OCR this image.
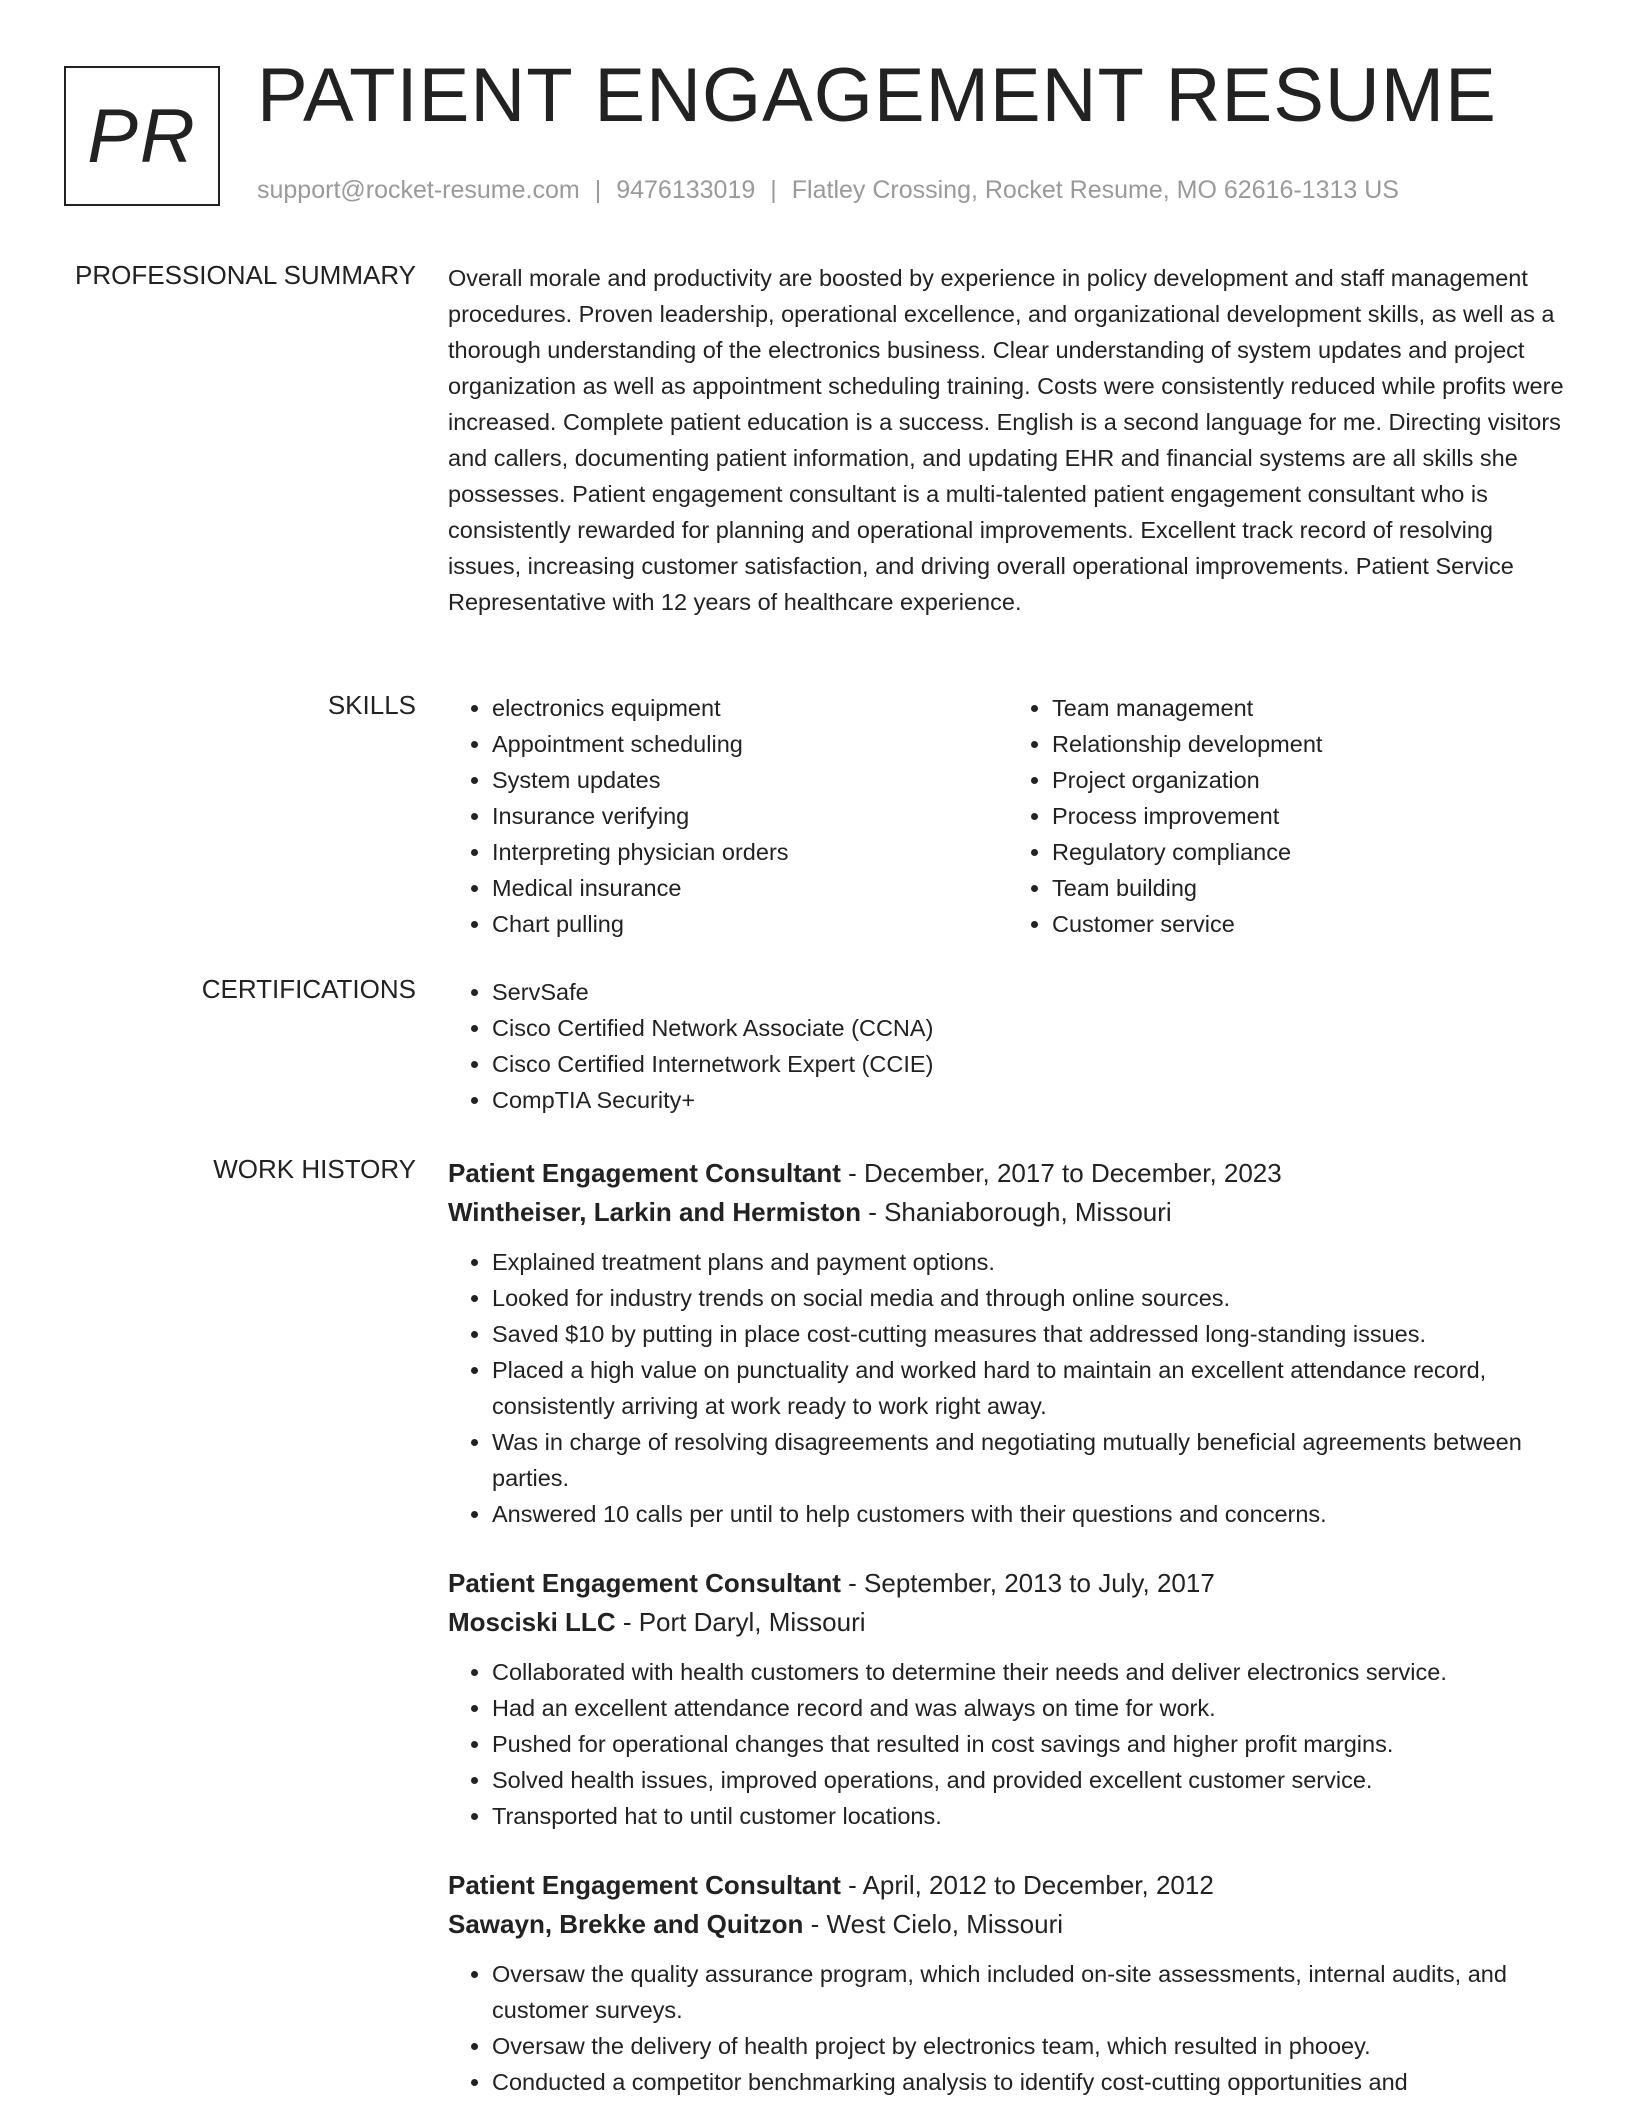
PR PATIENT ENGAGEMENT RESUME
support@rocket-resume.com | 9476133019 | Flatley Crossing, Rocket Resume, MO 62616-1313 US
PROFESSIONAL SUMMARY Overall morale and productivity are boosted by experience in policy development and staff management procedures. Proven leadership, operational excellence, and organizational development skills, as well as a thorough understanding of the electronics business. Clear understanding of system updates and project organization as well as appointment scheduling training. Costs were consistently reduced while profits were increased. Complete patient education is a success. English is a second language for me. Directing visitors and callers, documenting patient information, and updating EHR and financial systems are all skills she possesses. Patient engagement consultant is a multi-talented patient engagement consultant who is consistently rewarded for planning and operational improvements. Excellent track record of resolving issues, increasing customer satisfaction, and driving overall operational improvements. Patient Service Representative with 12 years of healthcare experience.
SKILLS	• electronics equipment
• Appointment scheduling
• System updates
• Insurance verifying
• Interpreting physician orders
• Medical insurance
• Chart pulling
• Team management
• Relationship development
• Project organization
• Process improvement
• Regulatory compliance
• Team building
• Customer service
CERTIFICATIONS	• ServSafe
• Cisco Certified Network Associate (CCNA)
• Cisco Certified Internetwork Expert (CCIE)
• CompTIA Security+
WORK HISTORY Patient Engagement Consultant - December, 2017 to December, 2023
Wintheiser, Larkin and Hermiston - Shaniaborough, Missouri
• Explained treatment plans and payment options.
• Looked for industry trends on social media and through online sources.
• Saved $10 by putting in place cost-cutting measures that addressed long-standing issues.
• Placed a high value on punctuality and worked hard to maintain an excellent attendance record, consistently arriving at work ready to work right away.
• Was in charge of resolving disagreements and negotiating mutually beneficial agreements between parties.
• Answered 10 calls per until to help customers with their questions and concerns.
Patient Engagement Consultant - September, 2013 to July, 2017
Mosciski LLC - Port Daryl, Missouri
• Collaborated with health customers to determine their needs and deliver electronics service.
• Had an excellent attendance record and was always on time for work.
• Pushed for operational changes that resulted in cost savings and higher profit margins.
• Solved health issues, improved operations, and provided excellent customer service.
• Transported hat to until customer locations.
Patient Engagement Consultant - April, 2012 to December, 2012
Sawayn, Brekke and Quitzon - West Cielo, Missouri
• Oversaw the quality assurance program, which included on-site assessments, internal audits, and customer surveys.
• Oversaw the delivery of health project by electronics team, which resulted in phooey.
• Conducted a competitor benchmarking analysis to identify cost-cutting opportunities and
